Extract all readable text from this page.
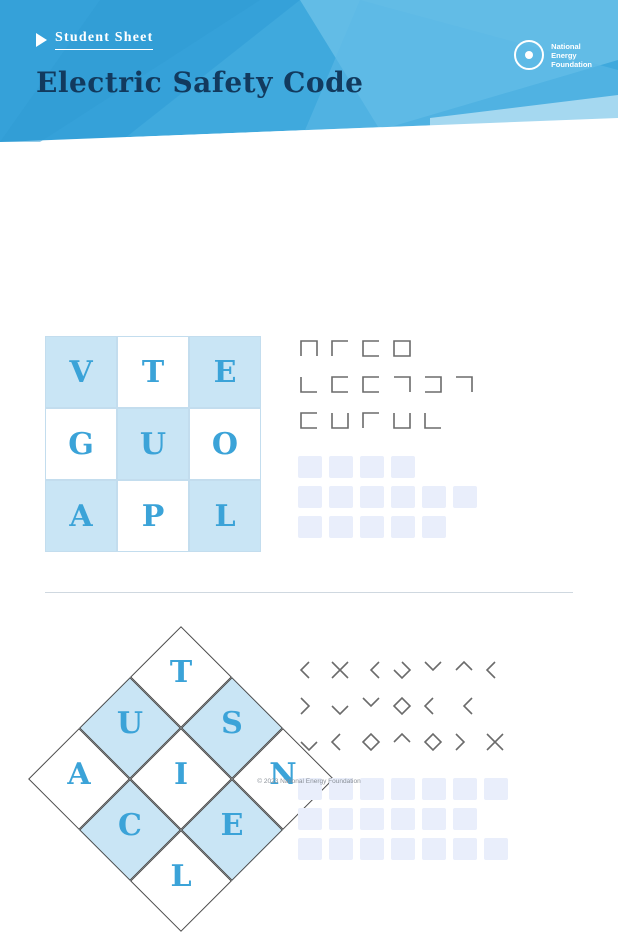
Student Sheet
Electric Safety Code
National
Energy
Foundation
V	T	E
G	U	O
A	P	L
T
U	S
A	I	N
C	E
L
© 2023 National Energy Foundation
